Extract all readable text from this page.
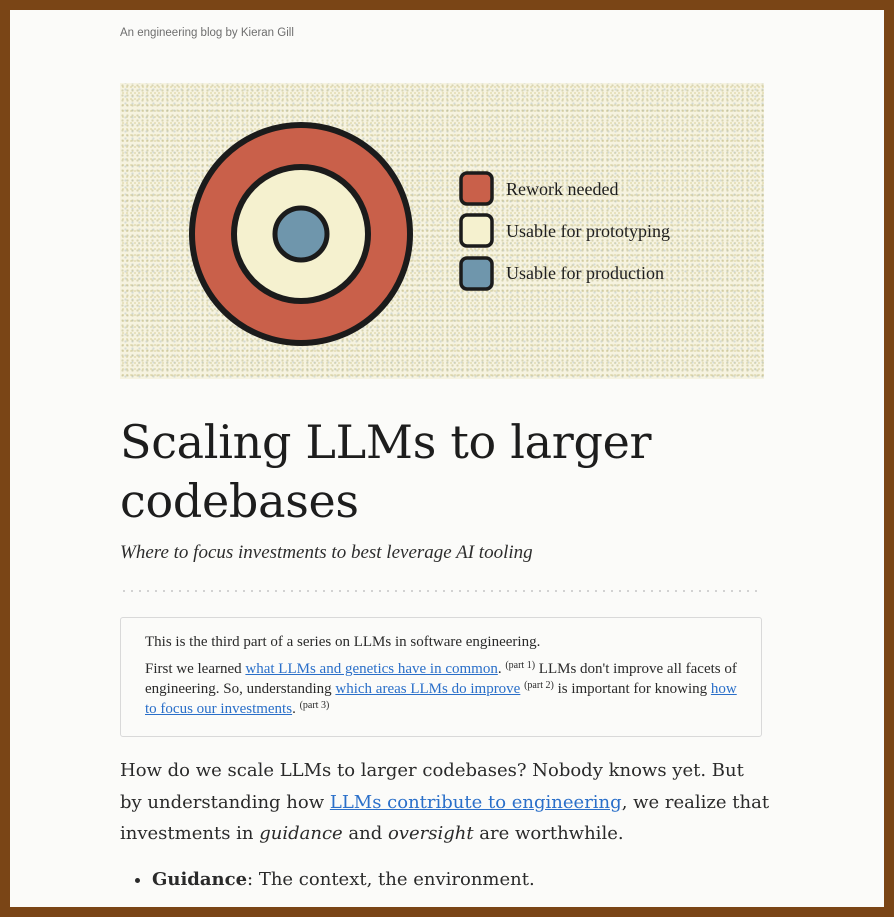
An engineering blog by Kieran Gill
Rework needed
Usable for prototyping
Usable for production
Scaling LLMs to larger codebases

Where to focus investments to best leverage AI tooling

This is the third part of a series on LLMs in software engineering.

First we learned what LLMs and genetics have in common. $^{(part 1)}$ LLMs don't improve all facets of engineering. So, understanding which areas LLMs do improve $^{(part 2)}$ is important for knowing how to focus our investments. $^{(part 3)}$

How do we scale LLMs to larger codebases? Nobody knows yet. But by understanding how LLMs contribute to engineering, we realize that investments in guidance and oversight are worthwhile.

• Guidance: The context, the environment.
